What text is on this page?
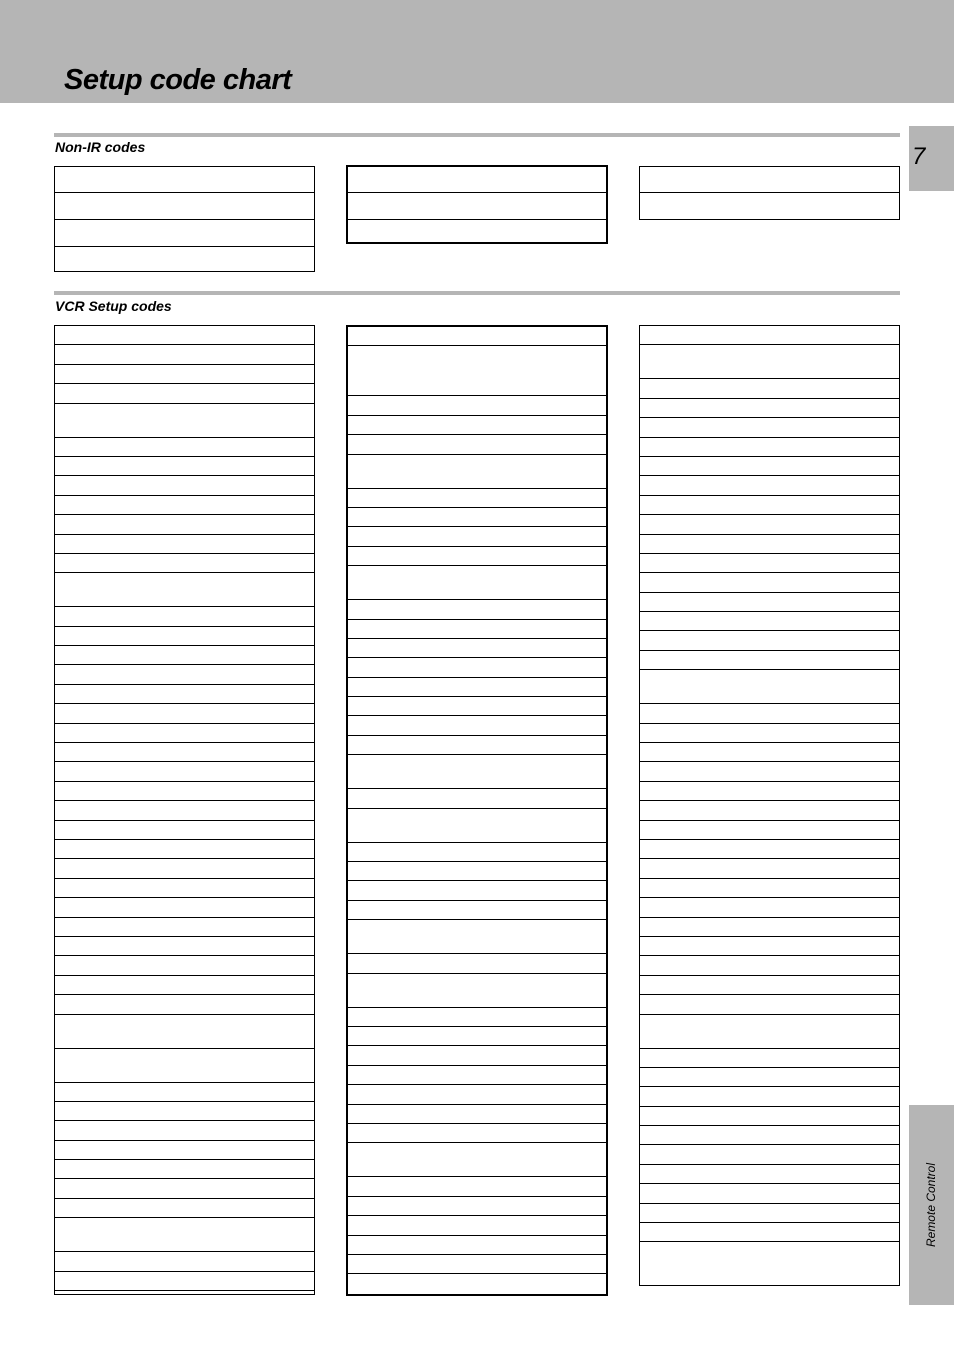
Setup code chart
7
Remote Control
Non-IR codes
VCR Setup codes
